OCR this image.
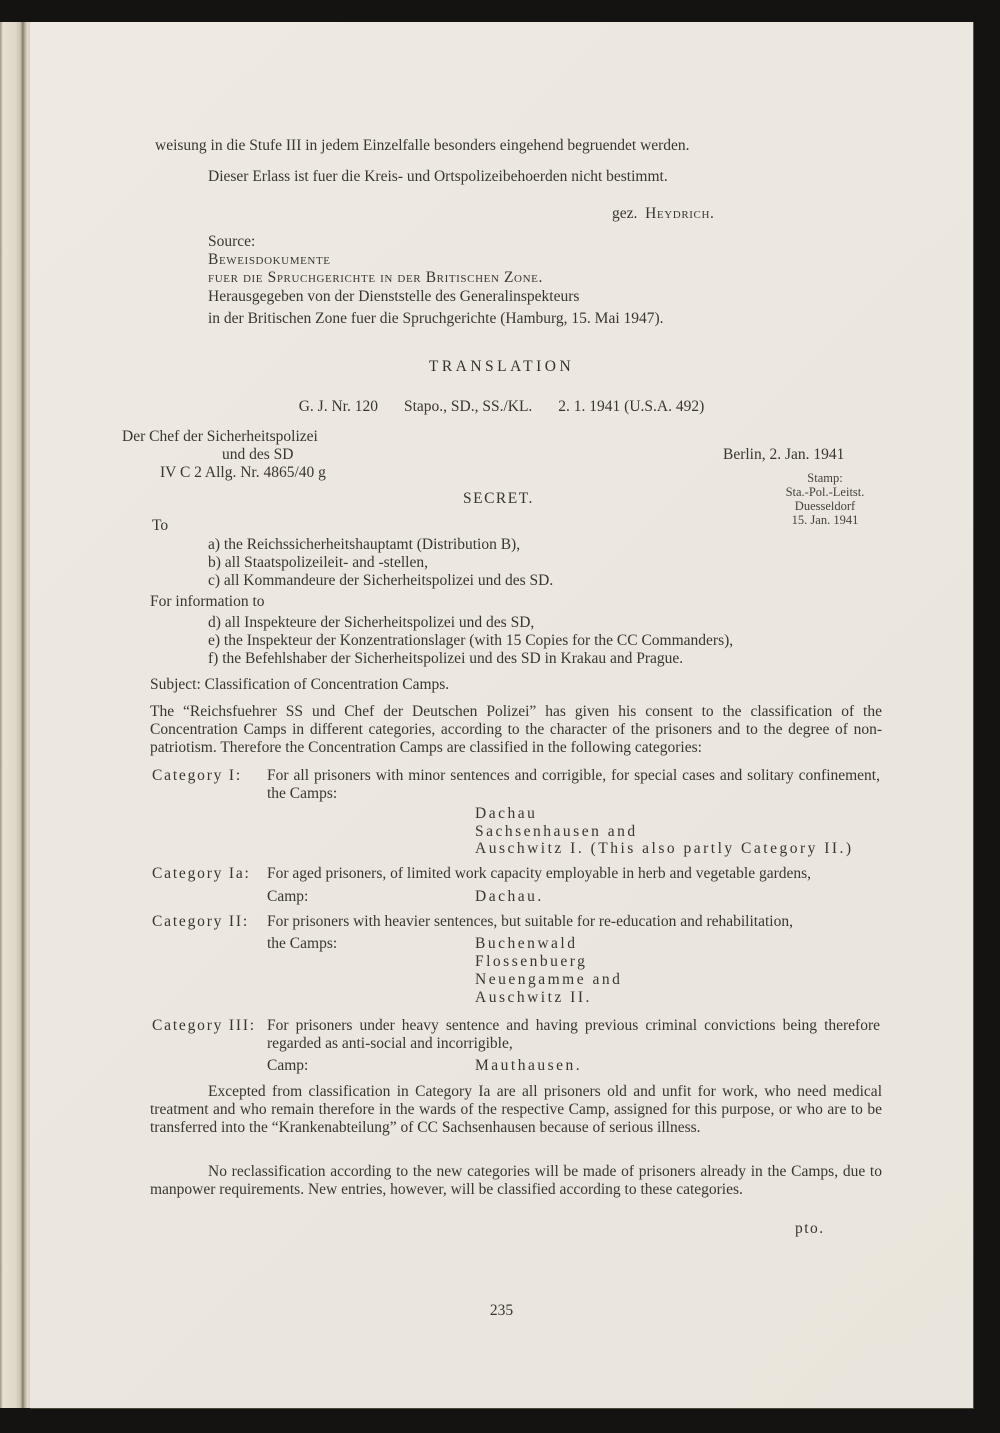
weisung in die Stufe III in jedem Einzelfalle besonders eingehend begruendet werden.
Dieser Erlass ist fuer die Kreis- und Ortspolizeibehoerden nicht bestimmt.
gez. Heydrich.
Source:
Beweisdokumente
fuer die Spruchgerichte in der Britischen Zone.
Herausgegeben von der Dienststelle des Generalinspekteurs
in der Britischen Zone fuer die Spruchgerichte (Hamburg, 15. Mai 1947).
TRANSLATION
G. J. Nr. 120 Stapo., SD., SS./KL. 2. 1. 1941 (U.S.A. 492)
Der Chef der Sicherheitspolizei
und des SD	Berlin, 2. Jan. 1941
IV C 2 Allg. Nr. 4865/40 g	Stamp:
Sta.-Pol.-Leitst.
Duesseldorf
15. Jan. 1941
SECRET.
To
a) the Reichssicherheitshauptamt (Distribution B),
b) all Staatspolizeileit- and -stellen,
c) all Kommandeure der Sicherheitspolizei und des SD.
For information to
d) all Inspekteure der Sicherheitspolizei und des SD,
e) the Inspekteur der Konzentrationslager (with 15 Copies for the CC Commanders),
f) the Befehlshaber der Sicherheitspolizei und des SD in Krakau and Prague.
Subject: Classification of Concentration Camps.
The “Reichsfuehrer SS und Chef der Deutschen Polizei” has given his consent to the classification of the Concentration Camps in different categories, according to the character of the prisoners and to the degree of non-patriotism. Therefore the Concentration Camps are classified in the following categories:
Category I: For all prisoners with minor sentences and corrigible, for special cases and solitary confinement, the Camps:
Dachau
Sachsenhausen and
Auschwitz I. (This also partly Category II.)
Category Ia: For aged prisoners, of limited work capacity employable in herb and vegetable gardens,
Camp:	Dachau.
Category II: For prisoners with heavier sentences, but suitable for re-education and rehabilitation,
the Camps:	Buchenwald
Flossenbuerg
Neuengamme and
Auschwitz II.
Category III: For prisoners under heavy sentence and having previous criminal convictions being therefore regarded as anti-social and incorrigible,
Camp:	Mauthausen.
Excepted from classification in Category Ia are all prisoners old and unfit for work, who need medical treatment and who remain therefore in the wards of the respective Camp, assigned for this purpose, or who are to be transferred into the “Krankenabteilung” of CC Sachsenhausen because of serious illness.
No reclassification according to the new categories will be made of prisoners already in the Camps, due to manpower requirements. New entries, however, will be classified according to these categories.
pto.
235
